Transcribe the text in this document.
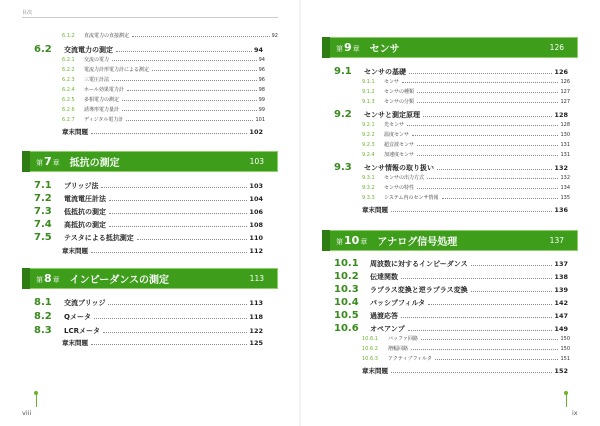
目次
6.1.2	直流電力の直接測定	92
6.2	交流電力の測定	94
6.2.1	交流の電力	94
6.2.2	電流力計形電力計による測定	96
6.2.3	三電圧計法	96
6.2.4	ホール効果電力計	98
6.2.5	多相電力の測定	99
6.2.6	誘導形電力量計	99
6.2.7	ディジタル電力計	101
章末問題	102
第7章 抵抗の測定	103
7.1	ブリッジ法	103
7.2	電流電圧計法	104
7.3	低抵抗の測定	106
7.4	高抵抗の測定	108
7.5	テスタによる抵抗測定	110
章末問題	112
第8章 インピーダンスの測定	113
8.1	交流ブリッジ	113
8.2	Qメータ	118
8.3	LCRメータ	122
章末問題	125
viii
第9章 センサ	126
9.1	センサの基礎	126
9.1.1	センサ	126
9.1.2	センサの種類	127
9.1.3	センサの分類	127
9.2	センサと測定原理	128
9.2.1	光センサ	128
9.2.2	温度センサ	130
9.2.3	超音波センサ	131
9.2.4	加速度センサ	131
9.3	センサ情報の取り扱い	132
9.3.1	センサの出力方式	132
9.3.2	センサの特性	134
9.3.3	システム内のセンサ情報	135
章末問題	136
第10章 アナログ信号処理	137
10.1	周波数に対するインピーダンス	137
10.2	伝達関数	138
10.3	ラプラス変換と逆ラプラス変換	139
10.4	パッシブフィルタ	142
10.5	過渡応答	147
10.6	オペアンプ	149
10.6.1	バッファ回路	150
10.6.2	増幅回路	150
10.6.3	アクティブフィルタ	151
章末問題	152
ix
